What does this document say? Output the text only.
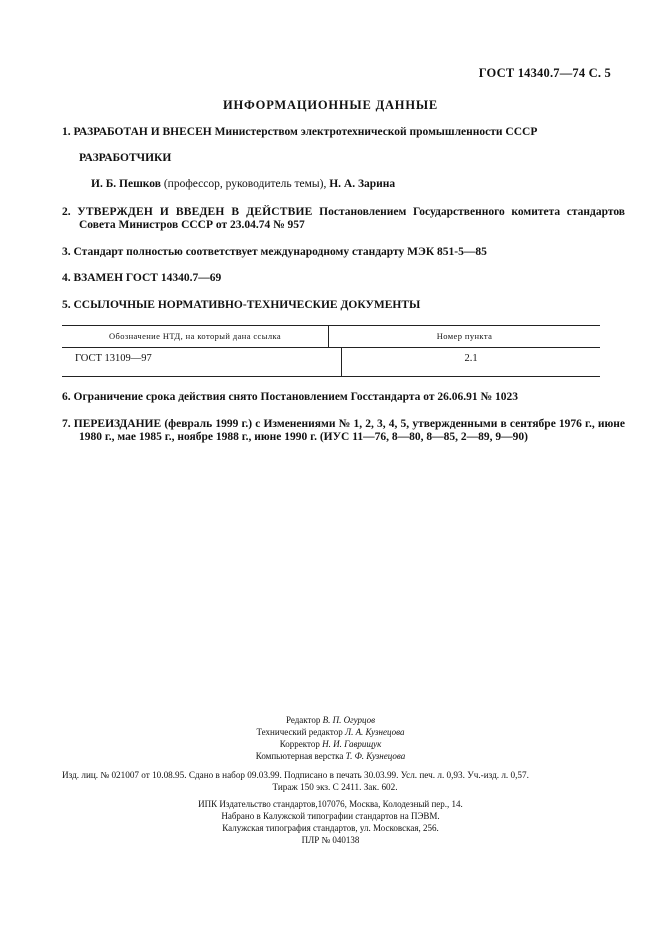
ГОСТ 14340.7—74 С. 5
ИНФОРМАЦИОННЫЕ ДАННЫЕ
1. РАЗРАБОТАН И ВНЕСЕН Министерством электротехнической промышленности СССР
РАЗРАБОТЧИКИ
И. Б. Пешков (профессор, руководитель темы), Н. А. Зарина
2. УТВЕРЖДЕН И ВВЕДЕН В ДЕЙСТВИЕ Постановлением Государственного комитета стандартов Совета Министров СССР от 23.04.74 № 957
3. Стандарт полностью соответствует международному стандарту МЭК 851-5—85
4. ВЗАМЕН ГОСТ 14340.7—69
5. ССЫЛОЧНЫЕ НОРМАТИВНО-ТЕХНИЧЕСКИЕ ДОКУМЕНТЫ
Обозначение НТД, на который дана ссылка	Номер пункта
ГОСТ 13109—97	2.1
6. Ограничение срока действия снято Постановлением Госстандарта от 26.06.91 № 1023
7. ПЕРЕИЗДАНИЕ (февраль 1999 г.) с Изменениями № 1, 2, 3, 4, 5, утвержденными в сентябре 1976 г., июне 1980 г., мае 1985 г., ноябре 1988 г., июне 1990 г. (ИУС 11—76, 8—80, 8—85, 2—89, 9—90)
Редактор В. П. Огурцов
Технический редактор Л. А. Кузнецова
Корректор Н. И. Гаврищук
Компьютерная верстка Т. Ф. Кузнецова
Изд. лиц. № 021007 от 10.08.95. Сдано в набор 09.03.99. Подписано в печать 30.03.99. Усл. печ. л. 0,93. Уч.-изд. л. 0,57.
Тираж 150 экз. С 2411. Зак. 602.
ИПК Издательство стандартов,107076, Москва, Колодезный пер., 14.
Набрано в Калужской типографии стандартов на ПЭВМ.
Калужская типография стандартов, ул. Московская, 256.
ПЛР № 040138
